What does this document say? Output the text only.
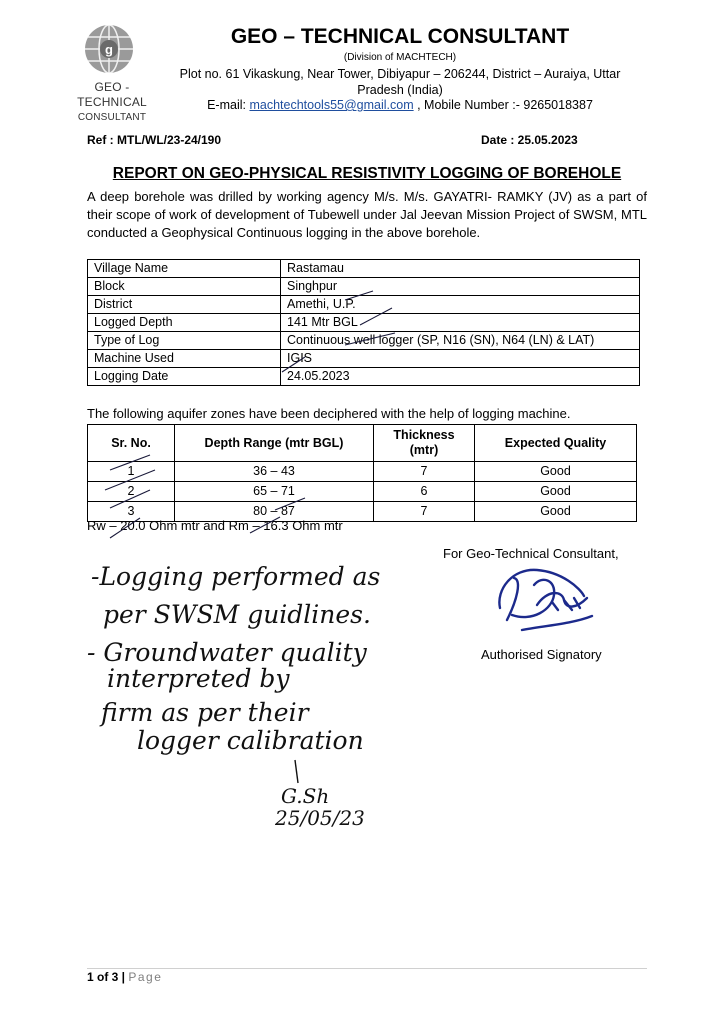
g
GEO - TECHNICAL
CONSULTANT
GEO – TECHNICAL CONSULTANT
(Division of MACHTECH)
Plot no. 61 Vikaskung, Near Tower, Dibiyapur – 206244, District – Auraiya, Uttar Pradesh (India)
E-mail: machtechtools55@gmail.com , Mobile Number :- 9265018387
Ref : MTL/WL/23-24/190	Date : 25.05.2023
REPORT ON GEO-PHYSICAL RESISTIVITY LOGGING OF BOREHOLE
A deep borehole was drilled by working agency M/s. M/s. GAYATRI- RAMKY (JV) as a part of their scope of work of development of Tubewell under Jal Jeevan Mission Project of SWSM, MTL conducted a Geophysical Continuous logging in the above borehole.
Village Name	Rastamau
Block	Singhpur
District	Amethi, U.P.
Logged Depth	141 Mtr BGL
Type of Log	Continuous well logger (SP, N16 (SN), N64 (LN) & LAT)
Machine Used	IGIS
Logging Date	24.05.2023
The following aquifer zones have been deciphered with the help of logging machine.
Sr. No.	Depth Range (mtr BGL)	Thickness (mtr)	Expected Quality
1	36 – 43	7	Good
2	65 – 71	6	Good
3	80 – 87	7	Good
Rw – 20.0 Ohm mtr and Rm – 16.3 Ohm mtr
For Geo-Technical Consultant,
Authorised Signatory
-Logging performed as
per SWSM guidlines.
- Groundwater quality
interpreted by
firm as per their
logger calibration
G.Sh
25/05/23
1 of 3 | Page
